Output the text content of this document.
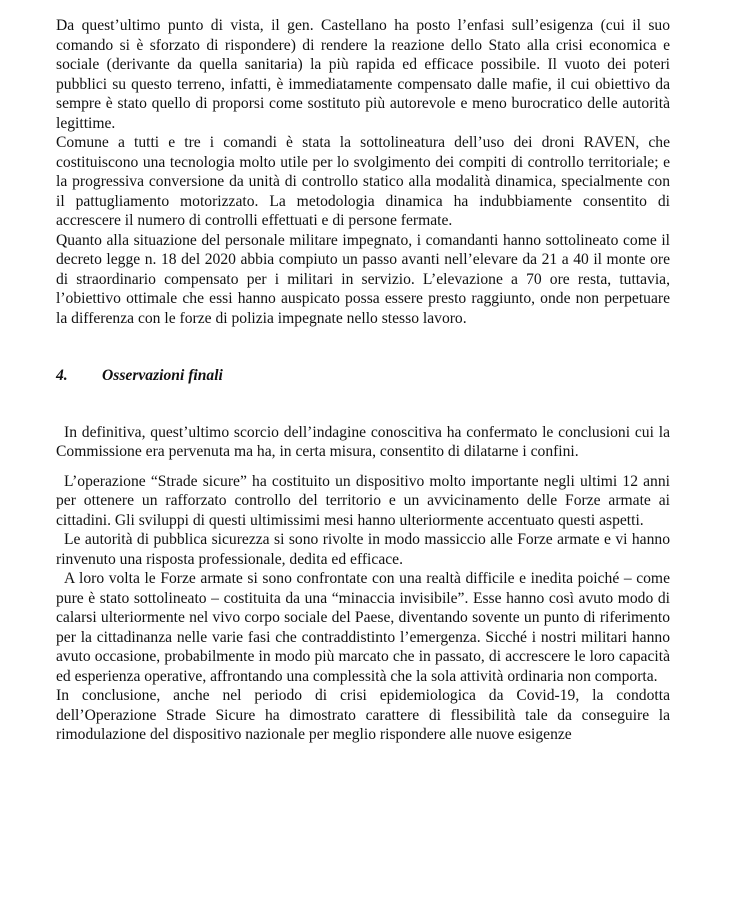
Da quest’ultimo punto di vista, il gen. Castellano ha posto l’enfasi sull’esigenza (cui il suo comando si è sforzato di rispondere) di rendere la reazione dello Stato alla crisi economica e sociale (derivante da quella sanitaria) la più rapida ed efficace possibile. Il vuoto dei poteri pubblici su questo terreno, infatti, è immediatamente compensato dalle mafie, il cui obiettivo da sempre è stato quello di proporsi come sostituto più autorevole e meno burocratico delle autorità legittime.

Comune a tutti e tre i comandi è stata la sottolineatura dell’uso dei droni RAVEN, che costituiscono una tecnologia molto utile per lo svolgimento dei compiti di controllo territoriale; e la progressiva conversione da unità di controllo statico alla modalità dinamica, specialmente con il pattugliamento motorizzato. La metodologia dinamica ha indubbiamente consentito di accrescere il numero di controlli effettuati e di persone fermate.

Quanto alla situazione del personale militare impegnato, i comandanti hanno sottolineato come il decreto legge n. 18 del 2020 abbia compiuto un passo avanti nell’elevare da 21 a 40 il monte ore di straordinario compensato per i militari in servizio. L’elevazione a 70 ore resta, tuttavia, l’obiettivo ottimale che essi hanno auspicato possa essere presto raggiunto, onde non perpetuare la differenza con le forze di polizia impegnate nello stesso lavoro.

4.	Osservazioni finali

In definitiva, quest’ultimo scorcio dell’indagine conoscitiva ha confermato le conclusioni cui la Commissione era pervenuta ma ha, in certa misura, consentito di dilatarne i confini.

L’operazione “Strade sicure” ha costituito un dispositivo molto importante negli ultimi 12 anni per ottenere un rafforzato controllo del territorio e un avvicinamento delle Forze armate ai cittadini. Gli sviluppi di questi ultimissimi mesi hanno ulteriormente accentuato questi aspetti.

Le autorità di pubblica sicurezza si sono rivolte in modo massiccio alle Forze armate e vi hanno rinvenuto una risposta professionale, dedita ed efficace.

A loro volta le Forze armate si sono confrontate con una realtà difficile e inedita poiché – come pure è stato sottolineato – costituita da una “minaccia invisibile”. Esse hanno così avuto modo di calarsi ulteriormente nel vivo corpo sociale del Paese, diventando sovente un punto di riferimento per la cittadinanza nelle varie fasi che contraddistinto l’emergenza. Sicché i nostri militari hanno avuto occasione, probabilmente in modo più marcato che in passato, di accrescere le loro capacità ed esperienza operative, affrontando una complessità che la sola attività ordinaria non comporta.

In conclusione, anche nel periodo di crisi epidemiologica da Covid-19, la condotta dell’Operazione Strade Sicure ha dimostrato carattere di flessibilità tale da conseguire la rimodulazione del dispositivo nazionale per meglio rispondere alle nuove esigenze
